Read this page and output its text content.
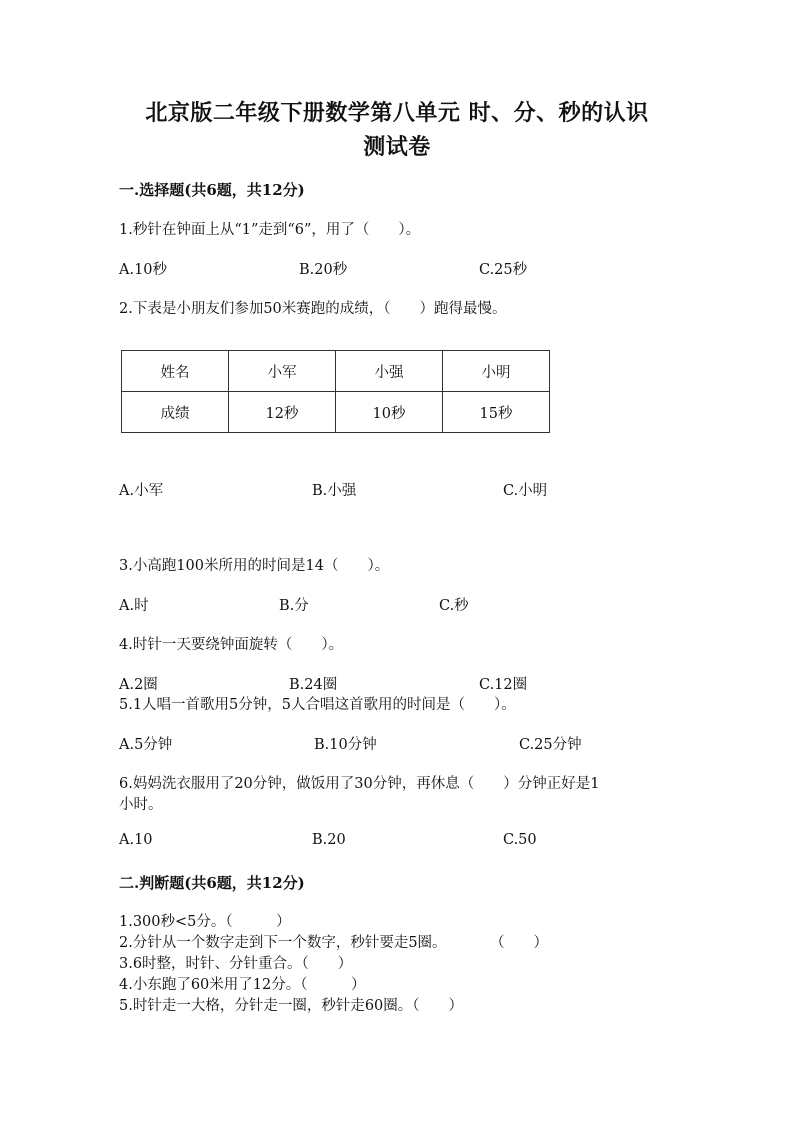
北京版二年级下册数学第八单元 时、分、秒的认识
测试卷
一.选择题(共6题，共12分)
1.秒针在钟面上从“1”走到“6”，用了（　　）。
A.10秒	B.20秒	C.25秒
2.下表是小朋友们参加50米赛跑的成绩，（　　）跑得最慢。
姓名	小军	小强	小明
成绩	12秒	10秒	15秒
A.小军	B.小强	C.小明
3.小高跑100米所用的时间是14（　　）。
A.时	B.分	C.秒
4.时针一天要绕钟面旋转（　　）。
A.2圈	B.24圈	C.12圈
5.1人唱一首歌用5分钟，5人合唱这首歌用的时间是（　　）。
A.5分钟	B.10分钟	C.25分钟
6.妈妈洗衣服用了20分钟，做饭用了30分钟，再休息（　　）分钟正好是1
小时。
A.10	B.20	C.50
二.判断题(共6题，共12分)
1.300秒<5分。（　　　）
2.分针从一个数字走到下一个数字，秒针要走5圈。　　　　（　　）
3.6时整，时针、分针重合。（　　）
4.小东跑了60米用了12分。（　　　）
5.时针走一大格，分针走一圈，秒针走60圈。（　　）
